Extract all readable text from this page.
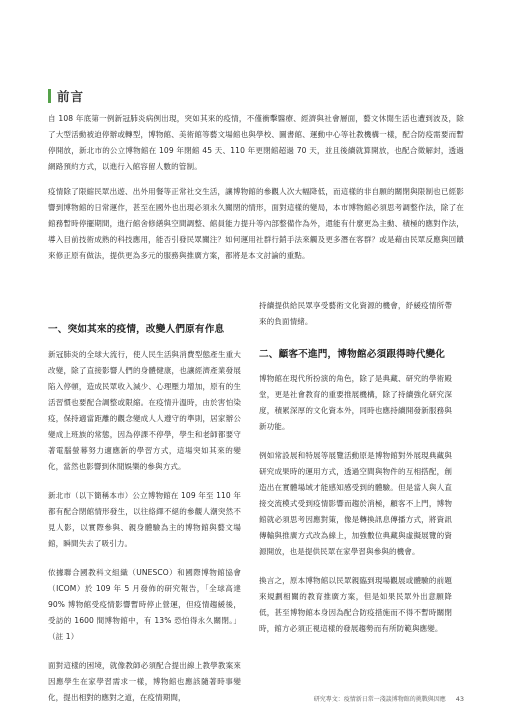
前言

自 108 年底第一例新冠肺炎病例出現，突如其來的疫情，不僅衝擊醫療、經濟與社會層面，藝文休閒生活也遭到波及，除了大型活動被迫停辦或轉型，博物館、美術館等藝文場館也與學校、圖書館、運動中心等社教機構一樣，配合防疫需要而暫停開放，新北市的公立博物館在 109 年閉館 45 天、110 年更閉館超過 70 天，並且後續就算開放，也配合徵解封，透過網路預約方式，以進行入館容留人數的管制。

疫情除了限縮民眾出遊、出外用餐等正常社交生活，讓博物館的參觀人次大幅降低，而這樣的非自願的關閉與限制也已經影響到博物館的日常運作，甚至在國外也出現必須永久關閉的情形，面對這樣的變局，本市博物館必須思考調整作法，除了在館務暫時停擺期間，進行館舍修繕與空間調整、館員能力提升等內部整備作為外，還能有什麼更為主動、積極的應對作法，導入目前技術成熟的科技應用，能否引發民眾關注？如何運用社群行銷手法來觸及更多潛在客群？或是藉由民眾反應與回饋來修正原有做法，提供更為多元的服務與推廣方案，都將是本文討論的重點。

一、突如其來的疫情，改變人們原有作息

新冠肺炎的全球大流行，使人民生活與消費型態產生重大改變，除了直接影響人們的身體健康，也讓經濟產業發展陷入停頓，造成民眾收入減少、心理壓力增加，原有的生活習慣也要配合調整或限縮。在疫情升溫時，由於害怕染疫，保持適當距離的觀念變成人人遵守的準則，居家辦公變成上班族的常態，因為停課不停學，學生和老師都要守著電腦螢幕努力適應新的學習方式，這場突如其來的變化，當然也影響到休閒娛樂的參與方式。

新北市（以下簡稱本市）公立博物館在 109 年至 110 年都有配合閉館情形發生，以往絡繹不絕的參觀人潮突然不見人影，以實際參與、親身體驗為主的博物館與藝文場館，瞬間失去了吸引力。

依據聯合國教科文組織（UNESCO）和國際博物館協會（ICOM）於 109 年 5 月發佈的研究報告，「全球高達 90% 博物館受疫情影響暫時停止營運，但疫情趨緩後，受訪的 1600 間博物館中，有 13% 恐怕得永久關閉。」（註 1）

面對這樣的困境，就像教師必須配合提出線上教學教案來因應學生在家學習需求一樣，博物館也應該隨著時事變化，提出相對的應對之道，在疫情期間，

持續提供給民眾享受藝術文化資源的機會，紓緩疫情所帶來的負面情緒。

二、顧客不進門，博物館必須跟得時代變化

博物館在現代所扮演的角色，除了是典藏、研究的學術殿堂，更是社會教育的重要推展機構，除了持續強化研究深度，積累深厚的文化資本外，同時也應持續開發新服務與新功能。

例如常設展和特展等展覽活動原是博物館對外展現典藏與研究成果時的運用方式，透過空間與物件的互相搭配，創造出在實體場域才能感知感受到的體驗。但是當人與人直接交流模式受到疫情影響而趨於消極，顧客不上門，博物館就必須思考因應對策，像是轉換訊息傳播方式，將資訊傳輸與推廣方式改為線上，加強數位典藏與虛擬展覽的資源開放，也是提供民眾在家學習與參與的機會。

換言之，原本博物館以民眾親臨到現場觀展或體驗的前題來規劃相關的教育推廣方案，但是如果民眾外出意願降低，甚至博物館本身因為配合防疫措施而不得不暫時關閉時，館方必須正視這樣的發展趨勢而有所防範與應變。

研究專文：疫情新日常一淺談博物館的挑戰與因應 43
